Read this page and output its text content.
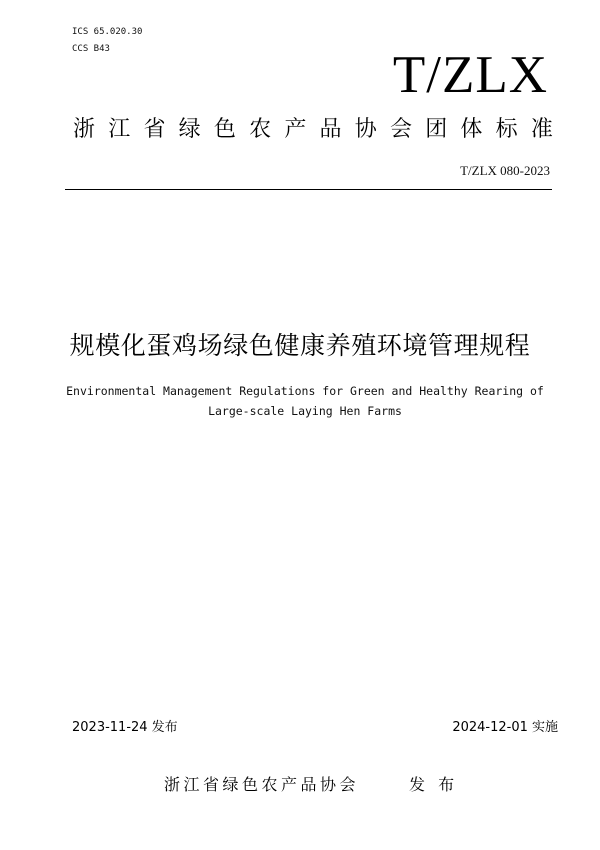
ICS 65.020.30
CCS B43	T/ZLX
浙 江 省 绿 色 农 产 品 协 会 团 体 标 准
T/ZLX 080-2023
规模化蛋鸡场绿色健康养殖环境管理规程
Environmental Management Regulations for Green and Healthy Rearing of
Large-scale Laying Hen Farms
2023-11-24 发布	2024-12-01 实施
浙江省绿色农产品协会	发 布
